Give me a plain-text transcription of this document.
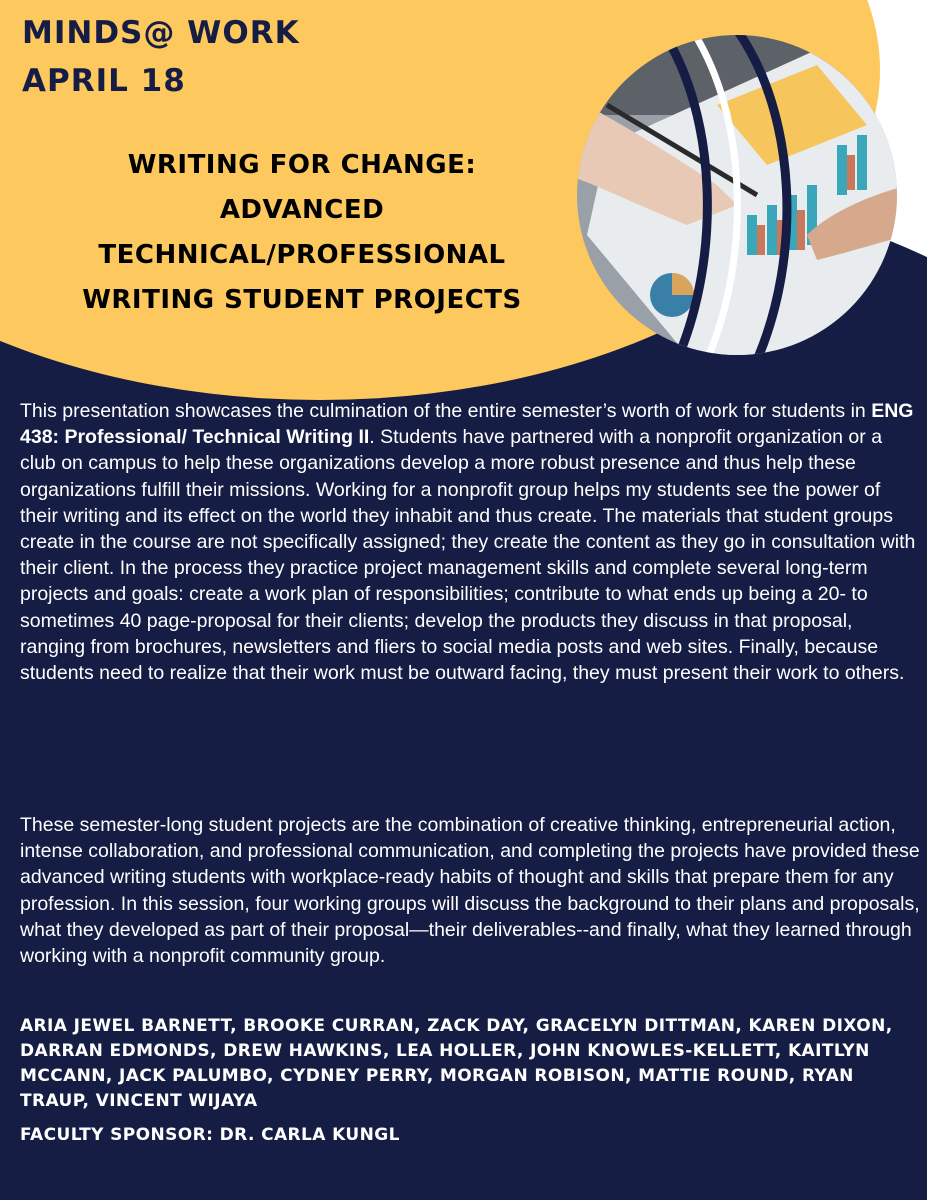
MINDS@ WORK
APRIL 18
WRITING FOR CHANGE: ADVANCED TECHNICAL/PROFESSIONAL WRITING STUDENT PROJECTS

This presentation showcases the culmination of the entire semester’s worth of work for students in ENG 438: Professional/ Technical Writing II. Students have partnered with a nonprofit organization or a club on campus to help these organizations develop a more robust presence and thus help these organizations fulfill their missions. Working for a nonprofit group helps my students see the power of their writing and its effect on the world they inhabit and thus create. The materials that student groups create in the course are not specifically assigned; they create the content as they go in consultation with their client. In the process they practice project management skills and complete several long-term projects and goals: create a work plan of responsibilities; contribute to what ends up being a 20- to sometimes 40 page-proposal for their clients; develop the products they discuss in that proposal, ranging from brochures, newsletters and fliers to social media posts and web sites. Finally, because students need to realize that their work must be outward facing, they must present their work to others.

These semester-long student projects are the combination of creative thinking, entrepreneurial action, intense collaboration, and professional communication, and completing the projects have provided these advanced writing students with workplace-ready habits of thought and skills that prepare them for any profession. In this session, four working groups will discuss the background to their plans and proposals, what they developed as part of their proposal—their deliverables--and finally, what they learned through working with a nonprofit community group.

ARIA JEWEL BARNETT, BROOKE CURRAN, ZACK DAY, GRACELYN DITTMAN, KAREN DIXON, DARRAN EDMONDS, DREW HAWKINS, LEA HOLLER, JOHN KNOWLES-KELLETT, KAITLYN MCCANN, JACK PALUMBO, CYDNEY PERRY, MORGAN ROBISON, MATTIE ROUND, RYAN TRAUP, VINCENT WIJAYA

FACULTY SPONSOR: DR. CARLA KUNGL
